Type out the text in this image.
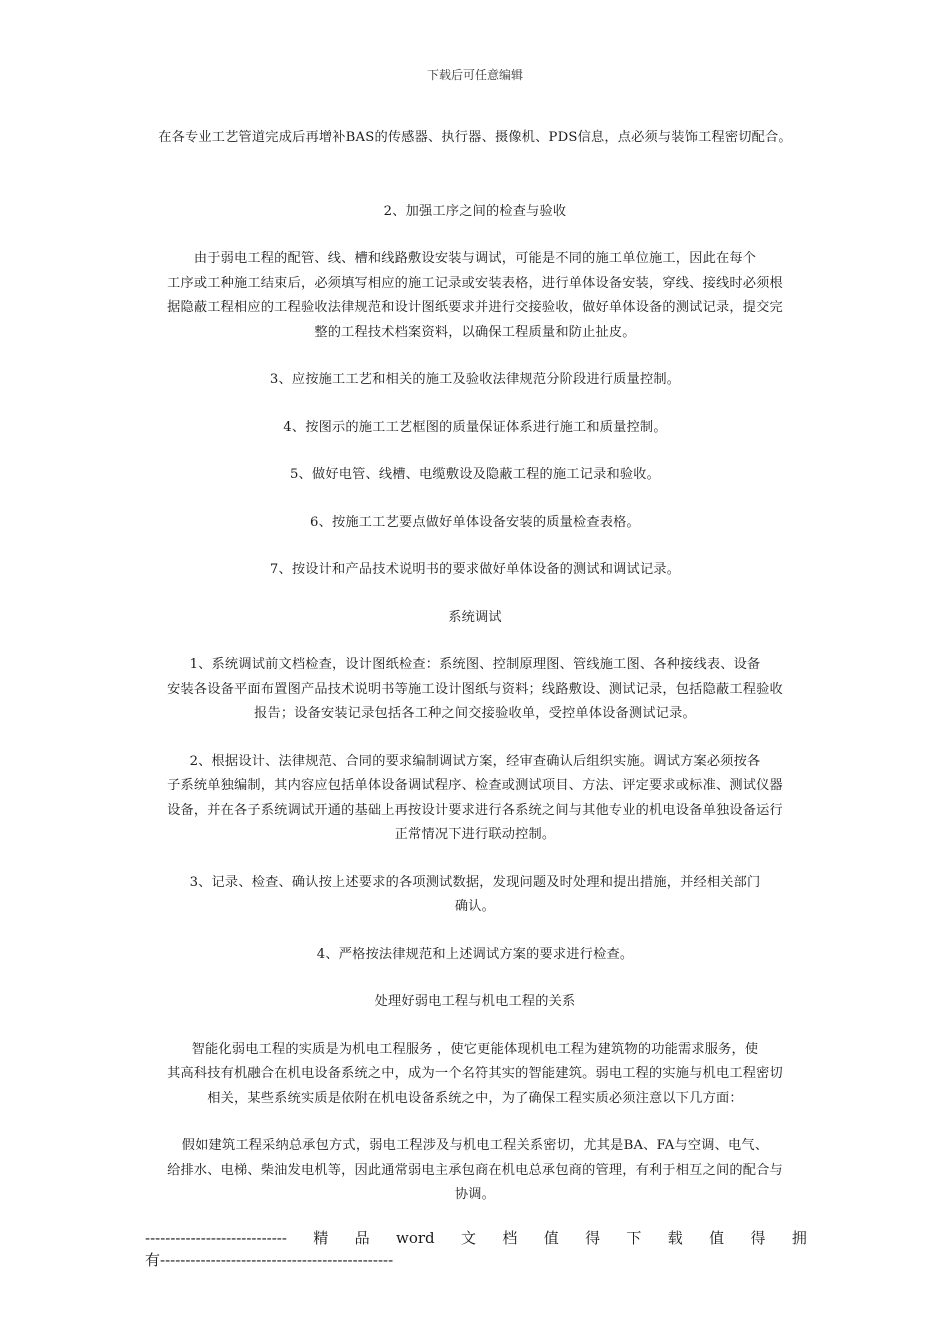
下载后可任意编辑

在各专业工艺管道完成后再增补BAS的传感器、执行器、摄像机、PDS信息，点必须与装饰工程密切配合。

2、加强工序之间的检查与验收

由于弱电工程的配管、线、槽和线路敷设安装与调试，可能是不同的施工单位施工，因此在每个
工序或工种施工结束后，必须填写相应的施工记录或安装表格，进行单体设备安装，穿线、接线时必须根
据隐蔽工程相应的工程验收法律规范和设计图纸要求并进行交接验收，做好单体设备的测试记录，提交完
整的工程技术档案资料，以确保工程质量和防止扯皮。

3、应按施工工艺和相关的施工及验收法律规范分阶段进行质量控制。

4、按图示的施工工艺框图的质量保证体系进行施工和质量控制。

5、做好电管、线槽、电缆敷设及隐蔽工程的施工记录和验收。

6、按施工工艺要点做好单体设备安装的质量检查表格。

7、按设计和产品技术说明书的要求做好单体设备的测试和调试记录。

系统调试

1、系统调试前文档检查，设计图纸检查：系统图、控制原理图、管线施工图、各种接线表、设备
安装各设备平面布置图产品技术说明书等施工设计图纸与资料；线路敷设、测试记录，包括隐蔽工程验收
报告；设备安装记录包括各工种之间交接验收单，受控单体设备测试记录。

2、根据设计、法律规范、合同的要求编制调试方案，经审查确认后组织实施。调试方案必须按各
子系统单独编制，其内容应包括单体设备调试程序、检查或测试项目、方法、评定要求或标准、测试仪器
设备，并在各子系统调试开通的基础上再按设计要求进行各系统之间与其他专业的机电设备单独设备运行
正常情况下进行联动控制。

3、记录、检查、确认按上述要求的各项测试数据，发现问题及时处理和提出措施，并经相关部门
确认。

4、严格按法律规范和上述调试方案的要求进行检查。

处理好弱电工程与机电工程的关系

智能化弱电工程的实质是为机电工程服务 ，使它更能体现机电工程为建筑物的功能需求服务，使
其高科技有机融合在机电设备系统之中，成为一个名符其实的智能建筑。弱电工程的实施与机电工程密切
相关，某些系统实质是依附在机电设备系统之中，为了确保工程实质必须注意以下几方面：

假如建筑工程采纳总承包方式，弱电工程涉及与机电工程关系密切，尤其是BA、FA与空调、电气、
给排水、电梯、柴油发电机等，因此通常弱电主承包商在机电总承包商的管理，有利于相互之间的配合与
协调。

---------------------------- 精 品 word 文 档 值 得 下 载 值 得 拥
有----------------------------------------------
